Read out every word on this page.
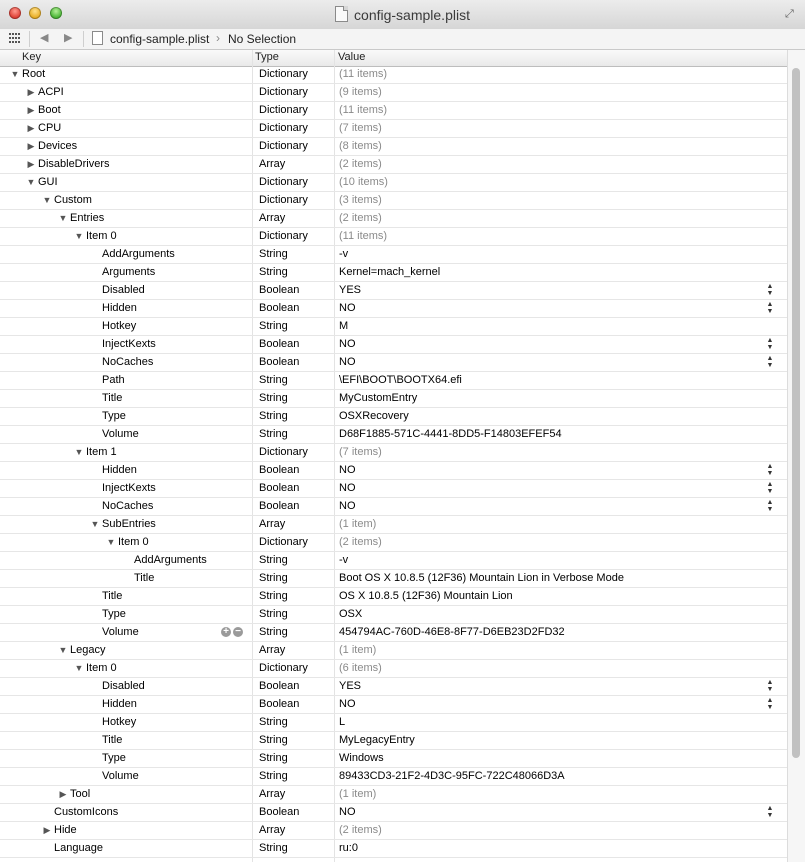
config-sample.plist	⤢
◀ ▶	config-sample.plist › No Selection
Key	Type	Value
▼ Root	Dictionary	(11 items)
▶ ACPI	Dictionary	(9 items)
▶ Boot	Dictionary	(11 items)
▶ CPU	Dictionary	(7 items)
▶ Devices	Dictionary	(8 items)
▶ DisableDrivers	Array	(2 items)
▼ GUI	Dictionary	(10 items)
▼ Custom	Dictionary	(3 items)
▼ Entries	Array	(2 items)
▼ Item 0	Dictionary	(11 items)
AddArguments	String	-v
Arguments	String	Kernel=mach_kernel
Disabled	Boolean	YES	▲
▼
Hidden	Boolean	NO	▲
▼
Hotkey	String	M
InjectKexts	Boolean	NO	▲
▼
NoCaches	Boolean	NO	▲
▼
Path	String	\EFI\BOOT\BOOTX64.efi
Title	String	MyCustomEntry
Type	String	OSXRecovery
Volume	String	D68F1885-571C-4441-8DD5-F14803EFEF54
▼ Item 1	Dictionary	(7 items)
Hidden	Boolean	NO	▲
▼
InjectKexts	Boolean	NO	▲
▼
NoCaches	Boolean	NO	▲
▼
▼ SubEntries	Array	(1 item)
▼ Item 0	Dictionary	(2 items)
AddArguments	String	-v
Title	String	Boot OS X 10.8.5 (12F36) Mountain Lion in Verbose Mode
Title	String	OS X 10.8.5 (12F36) Mountain Lion
Type	String	OSX
Volume	+ − String	454794AC-760D-46E8-8F77-D6EB23D2FD32
▼ Legacy	Array	(1 item)
▼ Item 0	Dictionary	(6 items)
Disabled	Boolean	YES	▲
▼
Hidden	Boolean	NO	▲
▼
Hotkey	String	L
Title	String	MyLegacyEntry
Type	String	Windows
Volume	String	89433CD3-21F2-4D3C-95FC-722C48066D3A
▶ Tool	Array	(1 item)
CustomIcons	Boolean	NO	▲
▼
▶ Hide	Array	(2 items)
Language	String	ru:0
